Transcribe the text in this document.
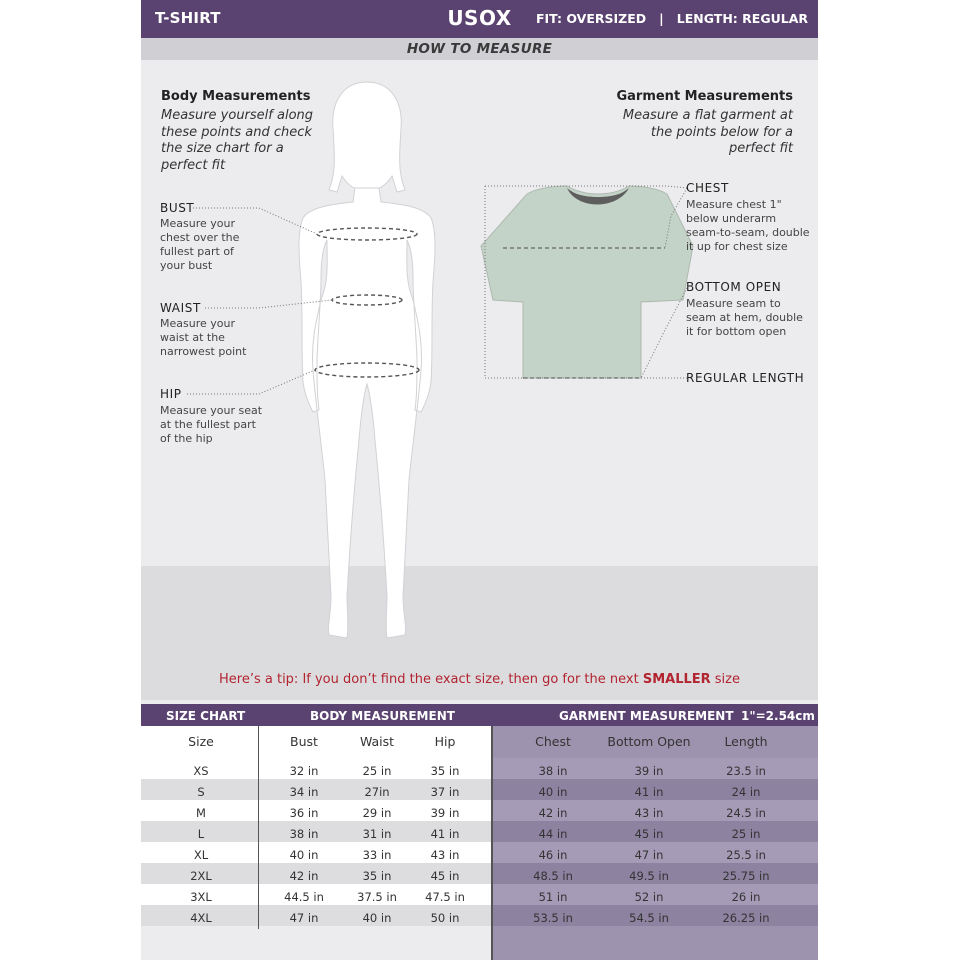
T-SHIRT	USOX	FIT: OVERSIZED   |   LENGTH: REGULAR
HOW TO MEASURE
Body Measurements
Measure yourself along
these points and check
the size chart for a
perfect fit
BUST
Measure your
chest over the
fullest part of
your bust
WAIST
Measure your
waist at the
narrowest point
HIP
Measure your seat
at the fullest part
of the hip
Garment Measurements
Measure a flat garment at
the points below for a
perfect fit
CHEST
Measure chest 1"
below underarm
seam-to-seam, double
it up for chest size
BOTTOM OPEN
Measure seam to
seam at hem, double
it for bottom open
REGULAR LENGTH
Here’s a tip: If you don’t find the exact size, then go for the next SMALLER size
SIZE CHART	BODY MEASUREMENT	GARMENT MEASUREMENT 1"=2.54cm
Size	Bust	Waist	Hip	Chest	Bottom Open	Length
XS	32 in	25 in	35 in	38 in	39 in	23.5 in
S	34 in	27in	37 in	40 in	41 in	24 in
M	36 in	29 in	39 in	42 in	43 in	24.5 in
L	38 in	31 in	41 in	44 in	45 in	25 in
XL	40 in	33 in	43 in	46 in	47 in	25.5 in
2XL	42 in	35 in	45 in	48.5 in	49.5 in	25.75 in
3XL	44.5 in	37.5 in	47.5 in	51 in	52 in	26 in
4XL	47 in	40 in	50 in	53.5 in	54.5 in	26.25 in
